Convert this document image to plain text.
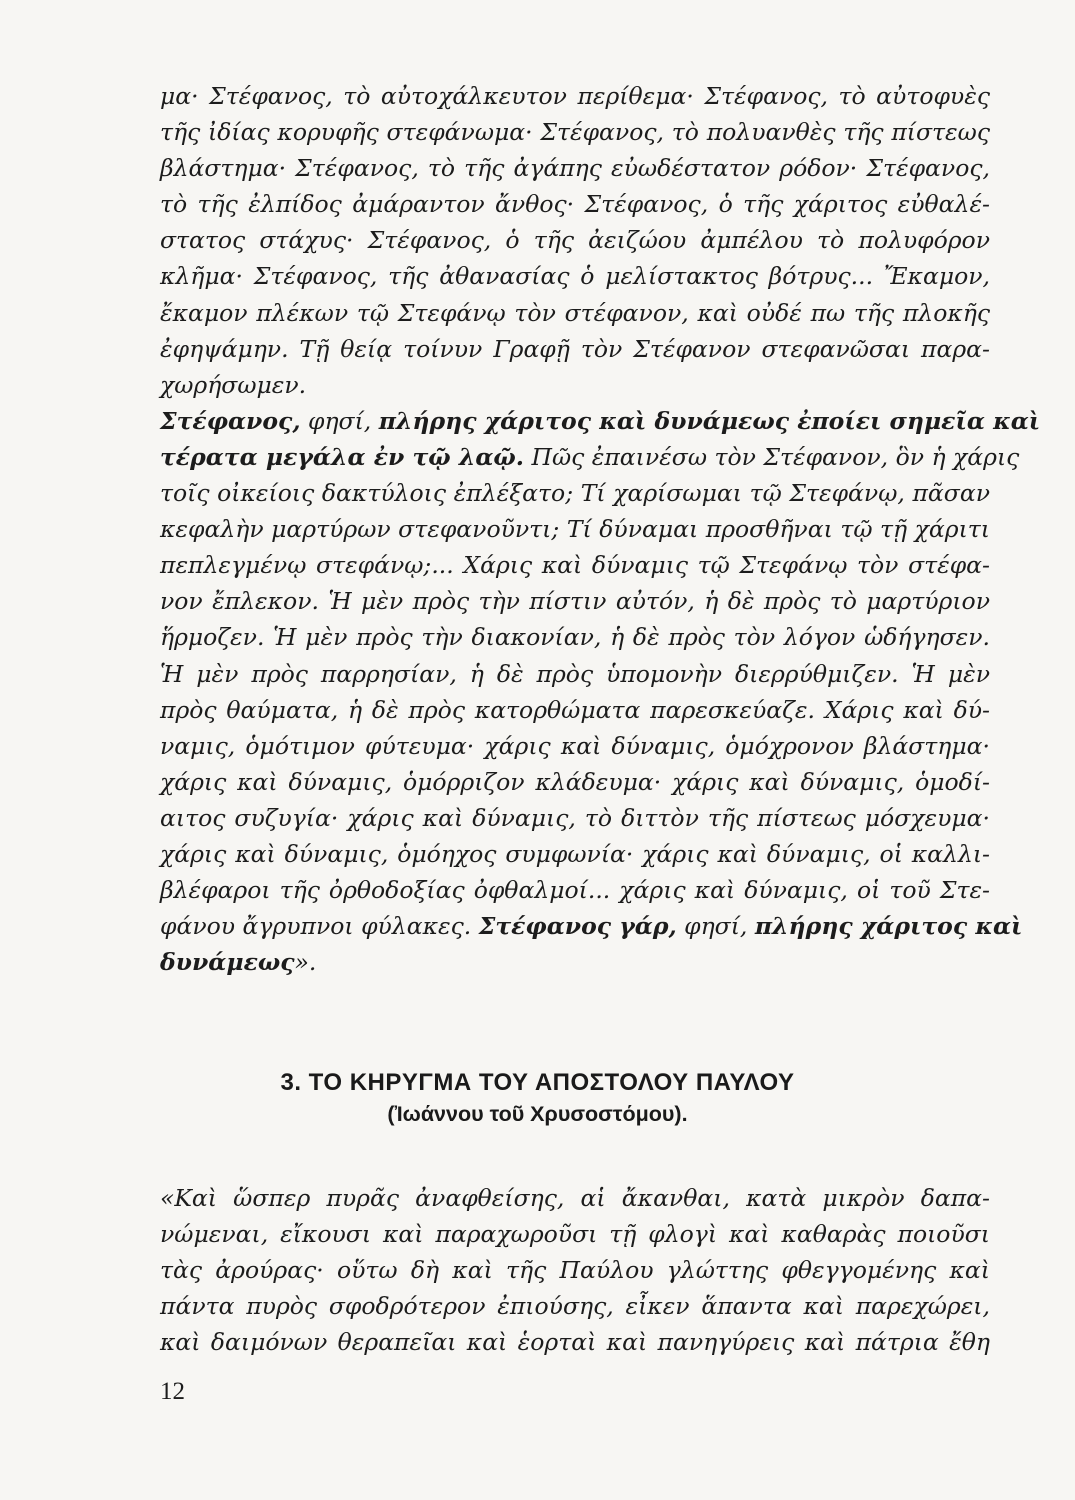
μα· Στέφανος, τὸ αὐτοχάλκευτον περίθεμα· Στέφανος, τὸ αὐτοφυὲς
τῆς ἰδίας κορυφῆς στεφάνωμα· Στέφανος, τὸ πολυανθὲς τῆς πίστεως
βλάστημα· Στέφανος, τὸ τῆς ἀγάπης εὐωδέστατον ρόδον· Στέφανος,
τὸ τῆς ἐλπίδος ἀμάραντον ἄνθος· Στέφανος, ὁ τῆς χάριτος εὐθαλέ-
στατος στάχυς· Στέφανος, ὁ τῆς ἀειζώου ἀμπέλου τὸ πολυφόρον
κλῆμα· Στέφανος, τῆς ἀθανασίας ὁ μελίστακτος βότρυς... Ἔκαμον,
ἔκαμον πλέκων τῷ Στεφάνῳ τὸν στέφανον, καὶ οὐδέ πω τῆς πλοκῆς
ἐφηψάμην. Τῇ θείᾳ τοίνυν Γραφῇ τὸν Στέφανον στεφανῶσαι παρα-
χωρήσωμεν.
Στέφανος, φησί, πλήρης χάριτος καὶ δυνάμεως ἐποίει σημεῖα καὶ
τέρατα μεγάλα ἐν τῷ λαῷ. Πῶς ἐπαινέσω τὸν Στέφανον, ὃν ἡ χάρις
τοῖς οἰκείοις δακτύλοις ἐπλέξατο; Τί χαρίσωμαι τῷ Στεφάνῳ, πᾶσαν
κεφαλὴν μαρτύρων στεφανοῦντι; Τί δύναμαι προσθῆναι τῷ τῇ χάριτι
πεπλεγμένῳ στεφάνῳ;... Χάρις καὶ δύναμις τῷ Στεφάνῳ τὸν στέφα-
νον ἔπλεκον. Ἡ μὲν πρὸς τὴν πίστιν αὐτόν, ἡ δὲ πρὸς τὸ μαρτύριον
ἥρμοζεν. Ἡ μὲν πρὸς τὴν διακονίαν, ἡ δὲ πρὸς τὸν λόγον ὡδήγησεν.
Ἡ μὲν πρὸς παρρησίαν, ἡ δὲ πρὸς ὑπομονὴν διερρύθμιζεν. Ἡ μὲν
πρὸς θαύματα, ἡ δὲ πρὸς κατορθώματα παρεσκεύαζε. Χάρις καὶ δύ-
ναμις, ὁμότιμον φύτευμα· χάρις καὶ δύναμις, ὁμόχρονον βλάστημα·
χάρις καὶ δύναμις, ὁμόρριζον κλάδευμα· χάρις καὶ δύναμις, ὁμοδί-
αιτος συζυγία· χάρις καὶ δύναμις, τὸ διττὸν τῆς πίστεως μόσχευμα·
χάρις καὶ δύναμις, ὁμόηχος συμφωνία· χάρις καὶ δύναμις, οἱ καλλι-
βλέφαροι τῆς ὀρθοδοξίας ὀφθαλμοί... χάρις καὶ δύναμις, οἱ τοῦ Στε-
φάνου ἄγρυπνοι φύλακες. Στέφανος γάρ, φησί, πλήρης χάριτος καὶ
δυνάμεως».
3. ΤΟ ΚΗΡΥΓΜΑ ΤΟΥ ΑΠΟΣΤΟΛΟΥ ΠΑΥΛΟΥ
(Ἰωάννου τοῦ Χρυσοστόμου).
«Καὶ ὥσπερ πυρᾶς ἀναφθείσης, αἱ ἄκανθαι, κατὰ μικρὸν δαπα-
νώμεναι, εἴκουσι καὶ παραχωροῦσι τῇ φλογὶ καὶ καθαρὰς ποιοῦσι
τὰς ἀρούρας· οὕτω δὴ καὶ τῆς Παύλου γλώττης φθεγγομένης καὶ
πάντα πυρὸς σφοδρότερον ἐπιούσης, εἶκεν ἅπαντα καὶ παρεχώρει,
καὶ δαιμόνων θεραπεῖαι καὶ ἑορταὶ καὶ πανηγύρεις καὶ πάτρια ἔθη
12
